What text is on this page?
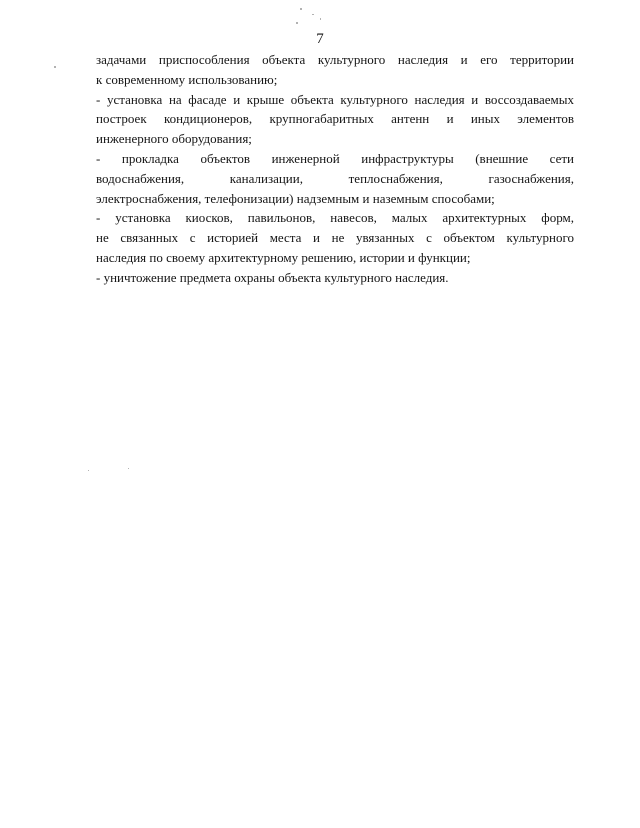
7
задачами приспособления объекта культурного наследия и его территории
к современному использованию;
- установка на фасаде и крыше объекта культурного наследия и воссоздаваемых
построек кондиционеров, крупногабаритных антенн и иных элементов
инженерного оборудования;
- прокладка объектов инженерной инфраструктуры (внешние сети
водоснабжения, канализации, теплоснабжения, газоснабжения,
электроснабжения, телефонизации) надземным и наземным способами;
- установка киосков, павильонов, навесов, малых архитектурных форм,
не связанных с историей места и не увязанных с объектом культурного
наследия по своему архитектурному решению, истории и функции;
- уничтожение предмета охраны объекта культурного наследия.
